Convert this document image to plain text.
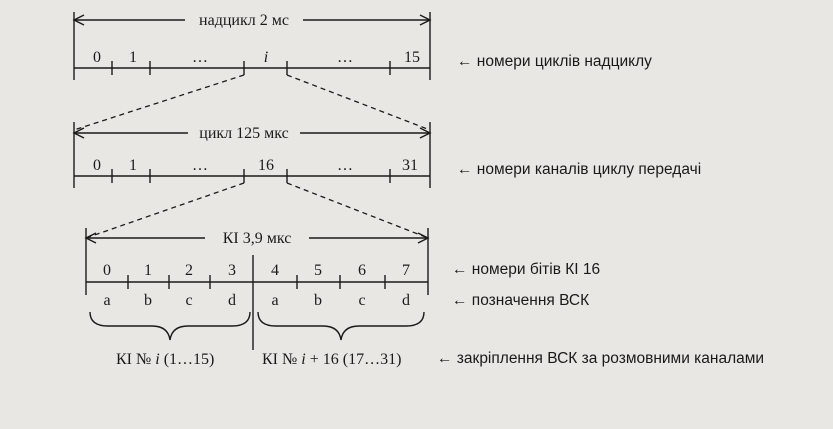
надцикл 2 мс
0 1	…	i	…	15 ← номери циклів надциклу
цикл 125 мкс
0 1	…	16	…	31	← номери каналів циклу передачі
КІ 3,9 мкс
0 1 2 3 4 5 6 7	← номери бітів КІ 16
a b c d a b c d	← позначення ВСК
КІ № i (1…15)	КІ № i + 16 (17…31) ← закріплення ВСК за розмовними каналами
